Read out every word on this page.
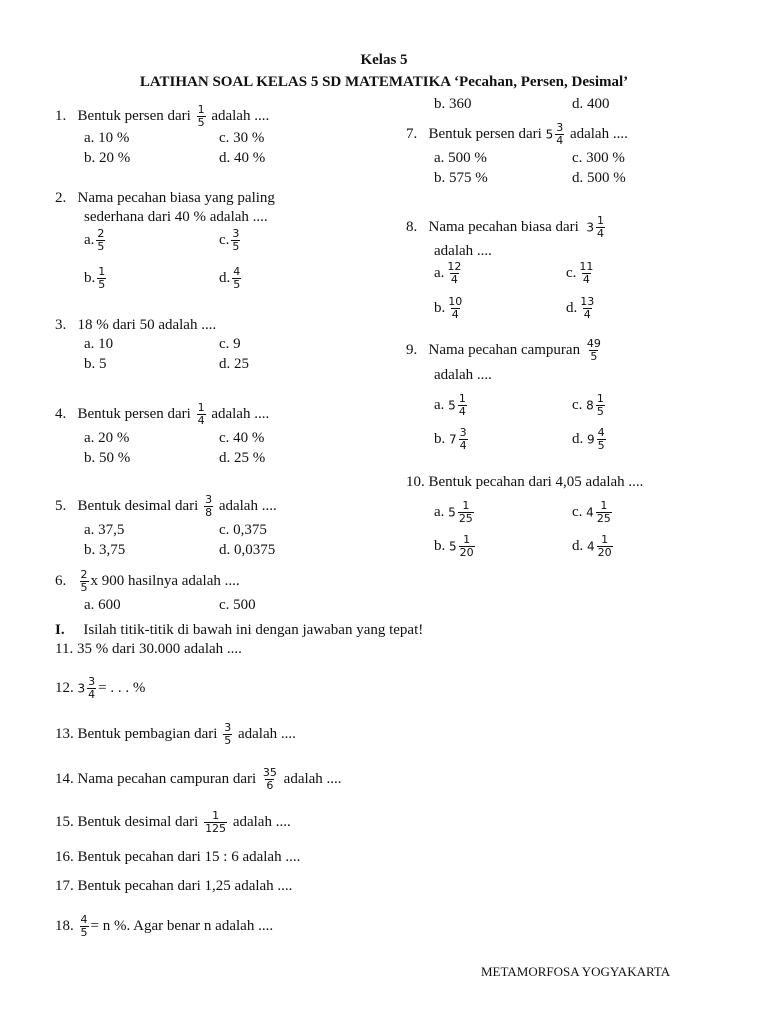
Kelas 5
LATIHAN SOAL KELAS 5 SD MATEMATIKA ‘Pecahan, Persen, Desimal’
1. Bentuk persen dari $\frac{1}{5}$ adalah ....
a. 10 %	c. 30 %
b. 20 %	d. 40 %
2. Nama pecahan biasa yang paling
sederhana dari 40 % adalah ....
a. $\frac{2}{5}$	c. $\frac{3}{5}$
b. $\frac{1}{5}$	d. $\frac{4}{5}$
3. 18 % dari 50 adalah ....
a. 10	c. 9
b. 5	d. 25
4. Bentuk persen dari $\frac{1}{4}$ adalah ....
a. 20 %	c. 40 %
b. 50 %	d. 25 %
5. Bentuk desimal dari $\frac{3}{8}$ adalah ....
a. 37,5	c. 0,375
b. 3,75	d. 0,0375
6. $\frac{2}{5}$ x 900 hasilnya adalah ....
a. 600	c. 500
b. 360	d. 400
7. Bentuk persen dari $5 \frac{3}{4}$ adalah ....
a. 500 %	c. 300 %
b. 575 %	d. 500 %
8. Nama pecahan biasa dari $3 \frac{1}{4}$
adalah ....
a. $\frac{12}{4}$	c. $\frac{11}{4}$
b. $\frac{10}{4}$	d. $\frac{13}{4}$
9. Nama pecahan campuran $\frac{49}{5}$
adalah ....
a. $5 \frac{1}{4}$	c. $8 \frac{1}{5}$
b. $7 \frac{3}{4}$	d. $9 \frac{4}{5}$
10. Bentuk pecahan dari 4,05 adalah ....
a. $5 \frac{1}{25}$	c. $4 \frac{1}{25}$
b. $5 \frac{1}{20}$	d. $4 \frac{1}{20}$
I. Isilah titik-titik di bawah ini dengan jawaban yang tepat!
11. 35 % dari 30.000 adalah ....
12. $3 \frac{3}{4}$ = . . . %
13. Bentuk pembagian dari $\frac{3}{5}$ adalah ....
14. Nama pecahan campuran dari $\frac{35}{6}$ adalah ....
15. Bentuk desimal dari $\frac{1}{125}$ adalah ....
16. Bentuk pecahan dari 15 : 6 adalah ....
17. Bentuk pecahan dari 1,25 adalah ....
18. $\frac{4}{5} = n$ %. Agar benar n adalah ....
METAMORFOSA YOGYAKARTA
